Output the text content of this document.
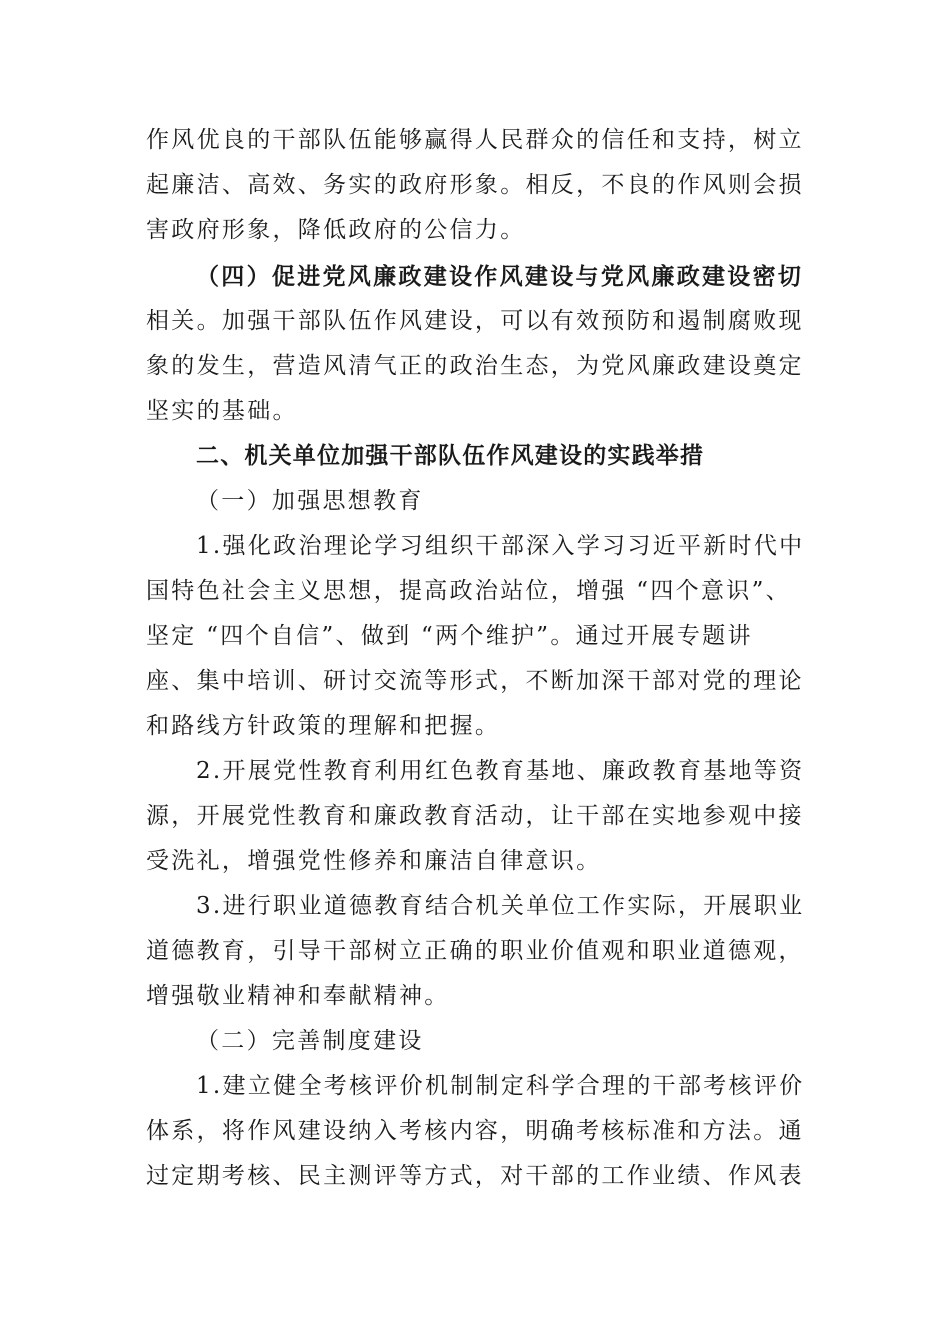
作风优良的干部队伍能够赢得人民群众的信任和支持，树立
起廉洁、高效、务实的政府形象。相反，不良的作风则会损
害政府形象，降低政府的公信力。
（四）促进党风廉政建设作风建设与党风廉政建设密切
相关。加强干部队伍作风建设，可以有效预防和遏制腐败现
象的发生，营造风清气正的政治生态，为党风廉政建设奠定
坚实的基础。
二、机关单位加强干部队伍作风建设的实践举措
（一）加强思想教育
1.强化政治理论学习组织干部深入学习习近平新时代中
国特色社会主义思想，提高政治站位，增强 “四个意识”、
坚定 “四个自信”、做到 “两个维护”。通过开展专题讲
座、集中培训、研讨交流等形式，不断加深干部对党的理论
和路线方针政策的理解和把握。
2.开展党性教育利用红色教育基地、廉政教育基地等资
源，开展党性教育和廉政教育活动，让干部在实地参观中接
受洗礼，增强党性修养和廉洁自律意识。
3.进行职业道德教育结合机关单位工作实际，开展职业
道德教育，引导干部树立正确的职业价值观和职业道德观，
增强敬业精神和奉献精神。
（二）完善制度建设
1.建立健全考核评价机制制定科学合理的干部考核评价
体系，将作风建设纳入考核内容，明确考核标准和方法。通
过定期考核、民主测评等方式，对干部的工作业绩、作风表
